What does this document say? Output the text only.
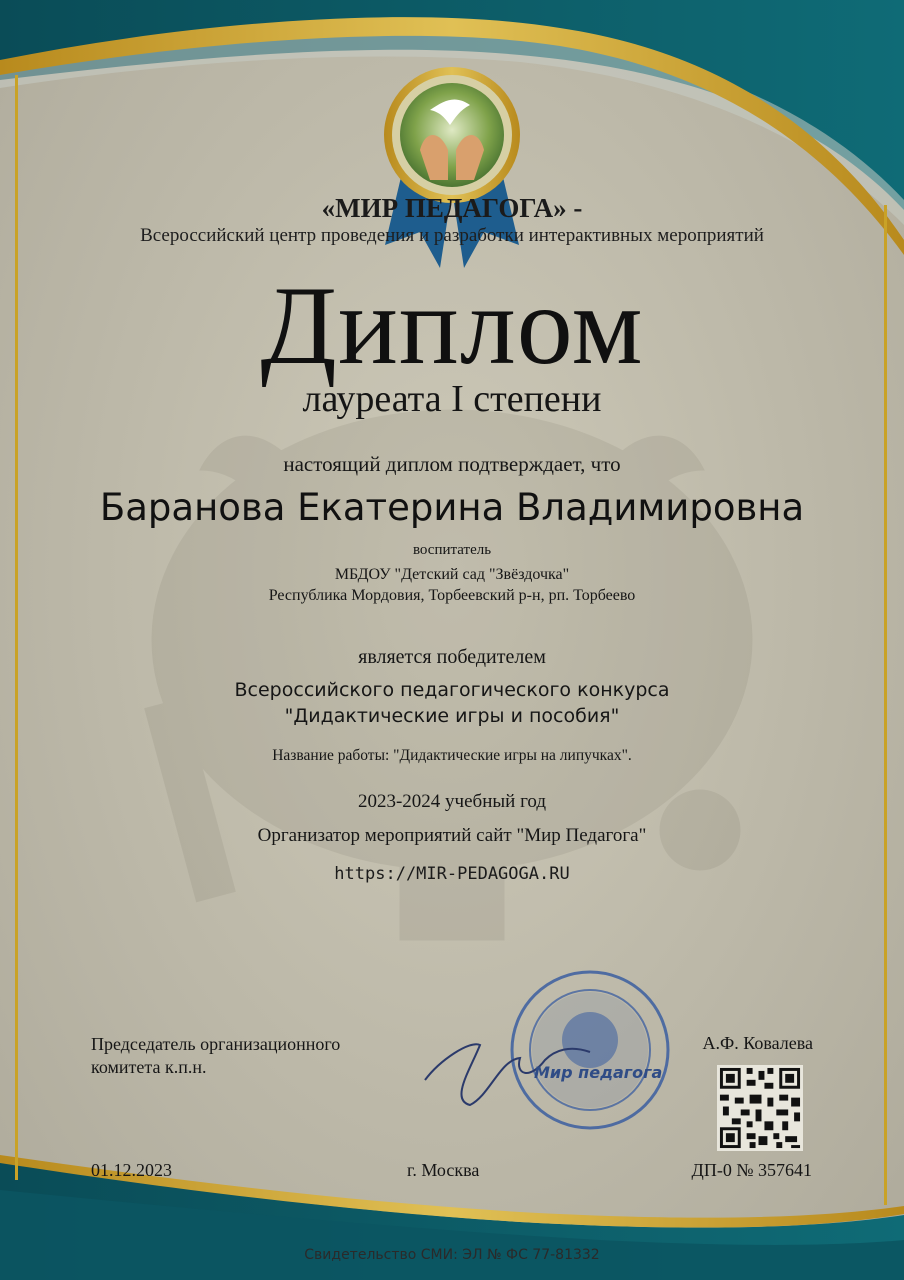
«МИР ПЕДАГОГА» -
Всероссийский центр проведения и разработки интерактивных мероприятий
Диплом
лауреата I степени
настоящий диплом подтверждает, что
Баранова Екатерина Владимировна
воспитатель
МБДОУ "Детский сад "Звёздочка"
Республика Мордовия, Торбеевский р-н, рп. Торбеево
является победителем
Всероссийского педагогического конкурса
"Дидактические игры и пособия"
Название работы: "Дидактические игры на липучках".
2023-2024 учебный год
Организатор мероприятий сайт "Мир Педагога"
https://MIR-PEDAGOGA.RU
Председатель организационного
комитета к.п.н.
А.Ф. Ковалева
Мир педагога
01.12.2023	г. Москва	ДП-0 № 357641
Свидетельство СМИ: ЭЛ № ФС 77-81332
